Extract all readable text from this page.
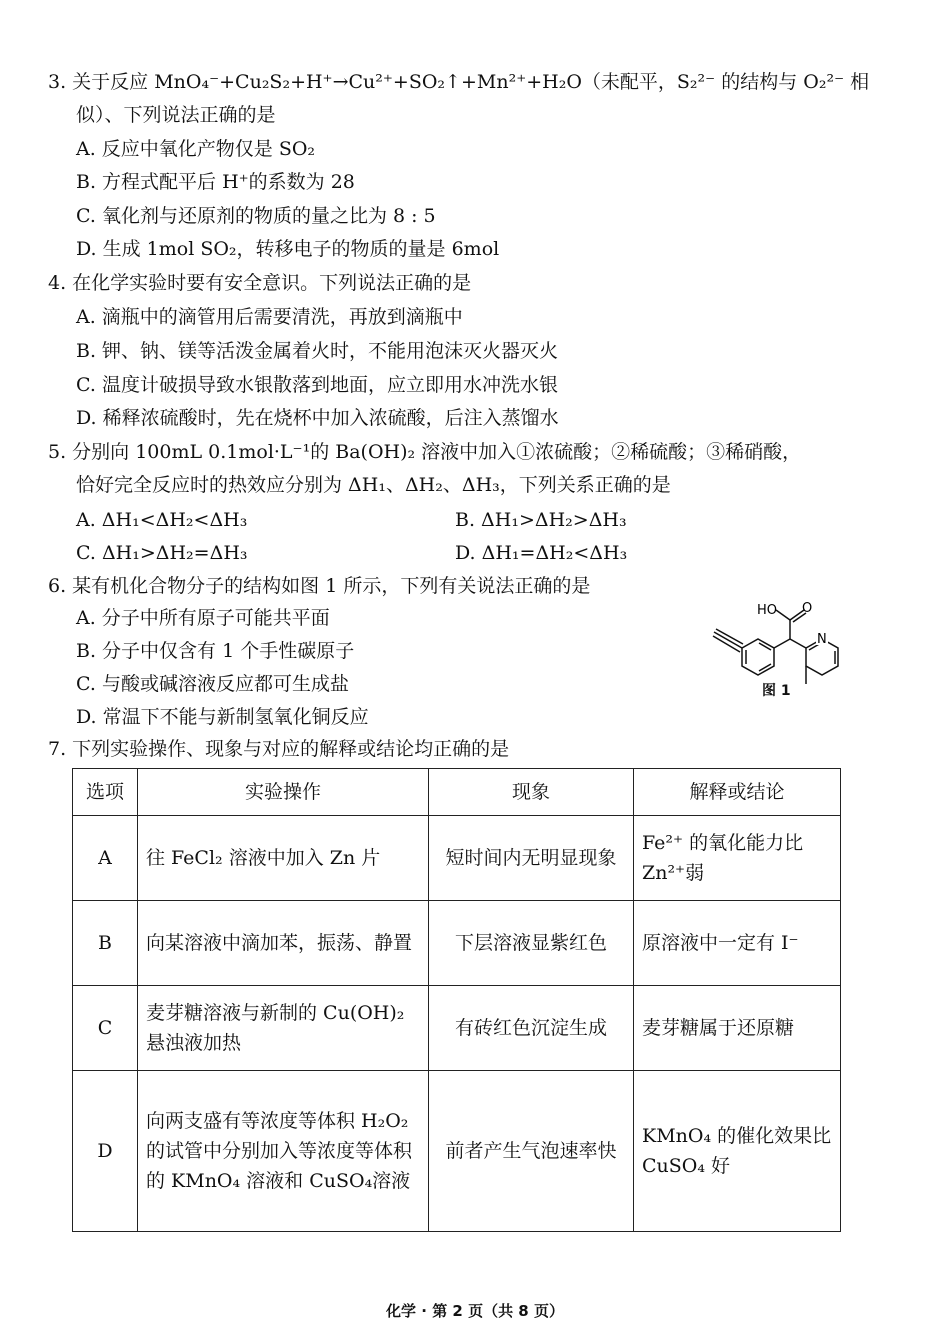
3. 关于反应 MnO₄⁻+Cu₂S₂+H⁺→Cu²⁺+SO₂↑+Mn²⁺+H₂O（未配平，S₂²⁻ 的结构与 O₂²⁻ 相
似）、下列说法正确的是
A. 反应中氧化产物仅是 SO₂
B. 方程式配平后 H⁺的系数为 28
C. 氧化剂与还原剂的物质的量之比为 8 : 5
D. 生成 1mol SO₂，转移电子的物质的量是 6mol
4. 在化学实验时要有安全意识。下列说法正确的是
A. 滴瓶中的滴管用后需要清洗，再放到滴瓶中
B. 钾、钠、镁等活泼金属着火时，不能用泡沫灭火器灭火
C. 温度计破损导致水银散落到地面，应立即用水冲洗水银
D. 稀释浓硫酸时，先在烧杯中加入浓硫酸，后注入蒸馏水
5. 分别向 100mL 0.1mol·L⁻¹的 Ba(OH)₂ 溶液中加入①浓硫酸；②稀硫酸；③稀硝酸，
恰好完全反应时的热效应分别为 ΔH₁、ΔH₂、ΔH₃，下列关系正确的是
A. ΔH₁<ΔH₂<ΔH₃	B. ΔH₁>ΔH₂>ΔH₃
C. ΔH₁>ΔH₂=ΔH₃	D. ΔH₁=ΔH₂<ΔH₃
6. 某有机化合物分子的结构如图 1 所示，下列有关说法正确的是
A. 分子中所有原子可能共平面
B. 分子中仅含有 1 个手性碳原子
C. 与酸或碱溶液反应都可生成盐
D. 常温下不能与新制氢氧化铜反应
HO O
N
图 1
7. 下列实验操作、现象与对应的解释或结论均正确的是
选项	实验操作	现象	解释或结论
A	往 FeCl₂ 溶液中加入 Zn 片	短时间内无明显现象	Fe²⁺ 的氧化能力比 Zn²⁺弱
B	向某溶液中滴加苯，振荡、静置	下层溶液显紫红色	原溶液中一定有 I⁻
C	麦芽糖溶液与新制的 Cu(OH)₂ 悬浊液加热	有砖红色沉淀生成	麦芽糖属于还原糖
D	向两支盛有等浓度等体积 H₂O₂ 的试管中分别加入等浓度等体积的 KMnO₄ 溶液和 CuSO₄溶液	前者产生气泡速率快	KMnO₄ 的催化效果比 CuSO₄ 好
化学 · 第 2 页（共 8 页）
